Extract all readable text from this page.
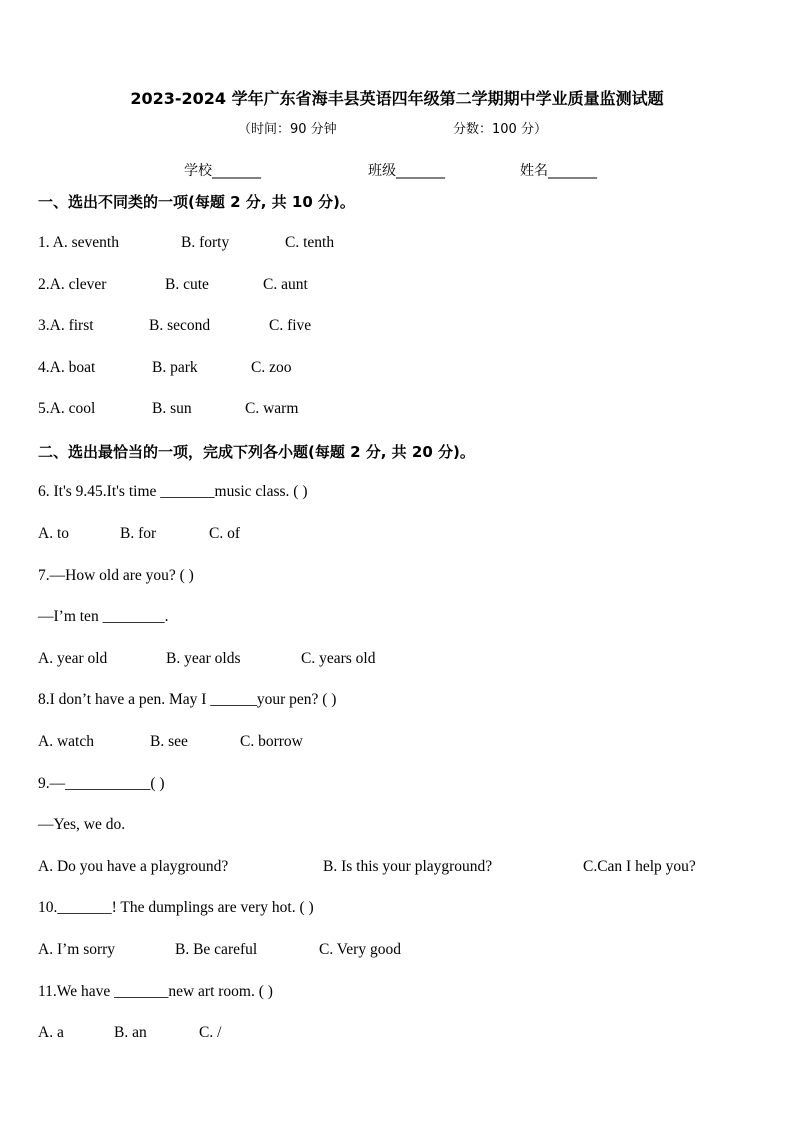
2023-2024 学年广东省海丰县英语四年级第二学期期中学业质量监测试题
（时间：90 分钟	分数：100 分）
学校_______	班级_______	姓名_______
一、选出不同类的一项(每题 2 分, 共 10 分)。
1. A. seventh	B. forty	C. tenth
2.A. clever	B. cute	C. aunt
3.A. first	B. second	C. five
4.A. boat	B. park	C. zoo
5.A. cool	B. sun	C. warm
二、选出最恰当的一项，完成下列各小题(每题 2 分, 共 20 分)。
6. It's 9.45.It's time _______music class. ( )
A. to	B. for	C. of
7.—How old are you? ( )
—I’m ten ________.
A. year old	B. year olds	C. years old
8.I don’t have a pen. May I ______your pen? ( )
A. watch	B. see	C. borrow
9.—___________( )
—Yes, we do.
A. Do you have a playground?	B. Is this your playground?	C.Can I help you?
10._______! The dumplings are very hot. ( )
A. I’m sorry	B. Be careful	C. Very good
11.We have _______new art room. ( )
A. a	B. an	C. /
